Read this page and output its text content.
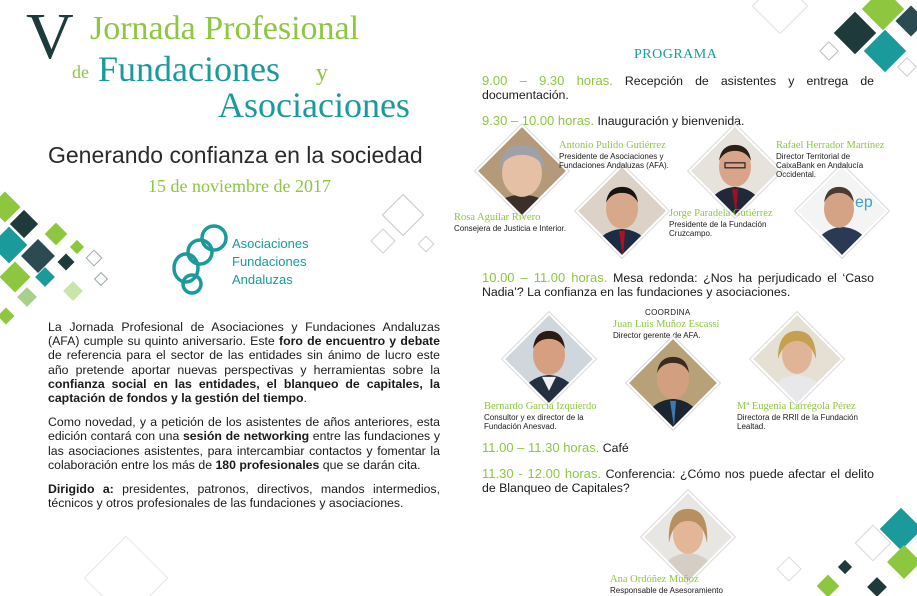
V Jornada Profesional
de Fundaciones y
Asociaciones
Generando confianza en la sociedad
15 de noviembre de 2017
Asociaciones
Fundaciones
Andaluzas

La Jornada Profesional de Asociaciones y Fundaciones Andaluzas (AFA) cumple su quinto aniversario. Este foro de encuentro y debate de referencia para el sector de las entidades sin ánimo de lucro este año pretende aportar nuevas perspectivas y herramientas sobre la confianza social en las entidades, el blanqueo de capitales, la captación de fondos y la gestión del tiempo.

Como novedad, y a petición de los asistentes de años anteriores, esta edición contará con una sesión de networking entre las fundaciones y las asociaciones asistentes, para intercambiar contactos y fomentar la colaboración entre los más de 180 profesionales que se darán cita.

Dirigido a: presidentes, patronos, directivos, mandos intermedios, técnicos y otros profesionales de las fundaciones y asociaciones.

PROGRAMA
9.00 – 9.30 horas. Recepción de asistentes y entrega de documentación.
9.30 – 10.00 horas. Inauguración y bienvenida.
ep
Antonio Pulido Gutiérrez
Presidente de Asociaciones y Fundaciones Andaluzas (AFA).
Rafael Herrador Martínez
Director Territorial de CaixaBank en Andalucía Occidental.
Rosa Aguilar Rivero
Consejera de Justicia e Interior.
Jorge Paradela Gutiérrez
Presidente de la Fundación Cruzcampo.
10.00 – 11.00 horas. Mesa redonda: ¿Nos ha perjudicado el ‘Caso Nadia’? La confianza en las fundaciones y asociaciones.
COORDINA
Juan Luis Muñoz Escassi
Director gerente de AFA.
Bernardo García Izquierdo
Consultor y ex director de la Fundación Anesvad.
Mª Eugenia Larrégola Pérez
Directora de RRII de la Fundación Lealtad.
11.00 – 11.30 horas. Café
11.30 - 12.00 horas. Conferencia: ¿Cómo nos puede afectar el delito de Blanqueo de Capitales?
Ana Ordóñez Muñoz
Responsable de Asesoramiento
